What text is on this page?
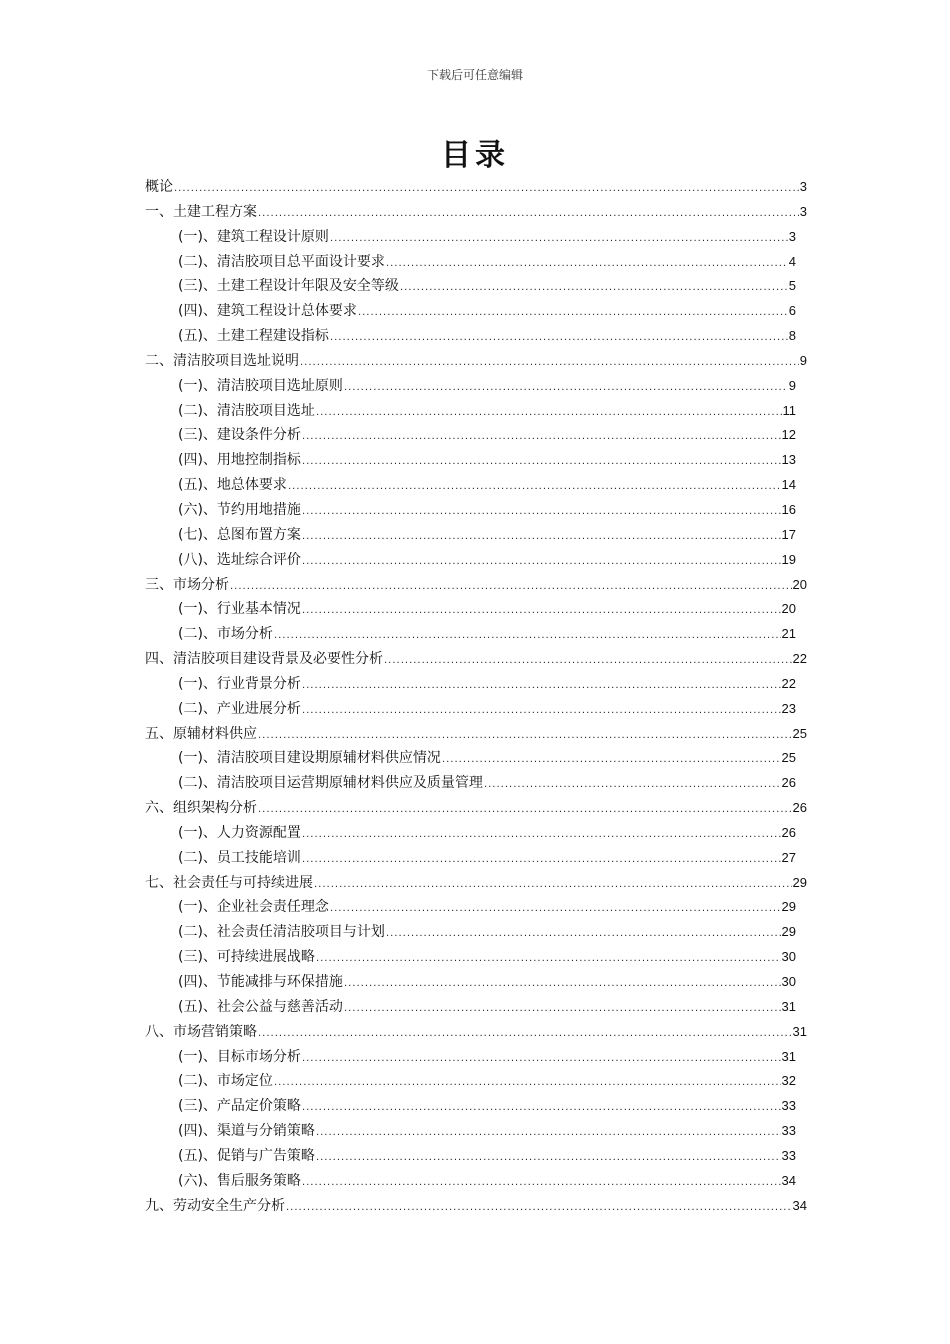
下载后可任意编辑
目录
概论 .....	3
一、土建工程方案 .....	3
(一)、建筑工程设计原则 .....	3
(二)、清洁胶项目总平面设计要求 .....	4
(三)、土建工程设计年限及安全等级 .....	5
(四)、建筑工程设计总体要求 .....	6
(五)、土建工程建设指标 .....	8
二、清洁胶项目选址说明 .....	9
(一)、清洁胶项目选址原则 .....	9
(二)、清洁胶项目选址 .....	11
(三)、建设条件分析 .....	12
(四)、用地控制指标 .....	13
(五)、地总体要求 .....	14
(六)、节约用地措施 .....	16
(七)、总图布置方案 .....	17
(八)、选址综合评价 .....	19
三、市场分析 .....	20
(一)、行业基本情况 .....	20
(二)、市场分析 .....	21
四、清洁胶项目建设背景及必要性分析 .....	22
(一)、行业背景分析 .....	22
(二)、产业进展分析 .....	23
五、原辅材料供应 .....	25
(一)、清洁胶项目建设期原辅材料供应情况 .....	25
(二)、清洁胶项目运营期原辅材料供应及质量管理 .....	26
六、组织架构分析 .....	26
(一)、人力资源配置 .....	26
(二)、员工技能培训 .....	27
七、社会责任与可持续进展 .....	29
(一)、企业社会责任理念 .....	29
(二)、社会责任清洁胶项目与计划 .....	29
(三)、可持续进展战略 .....	30
(四)、节能减排与环保措施 .....	30
(五)、社会公益与慈善活动 .....	31
八、市场营销策略 .....	31
(一)、目标市场分析 .....	31
(二)、市场定位 .....	32
(三)、产品定价策略 .....	33
(四)、渠道与分销策略 .....	33
(五)、促销与广告策略 .....	33
(六)、售后服务策略 .....	34
九、劳动安全生产分析 .....	34
